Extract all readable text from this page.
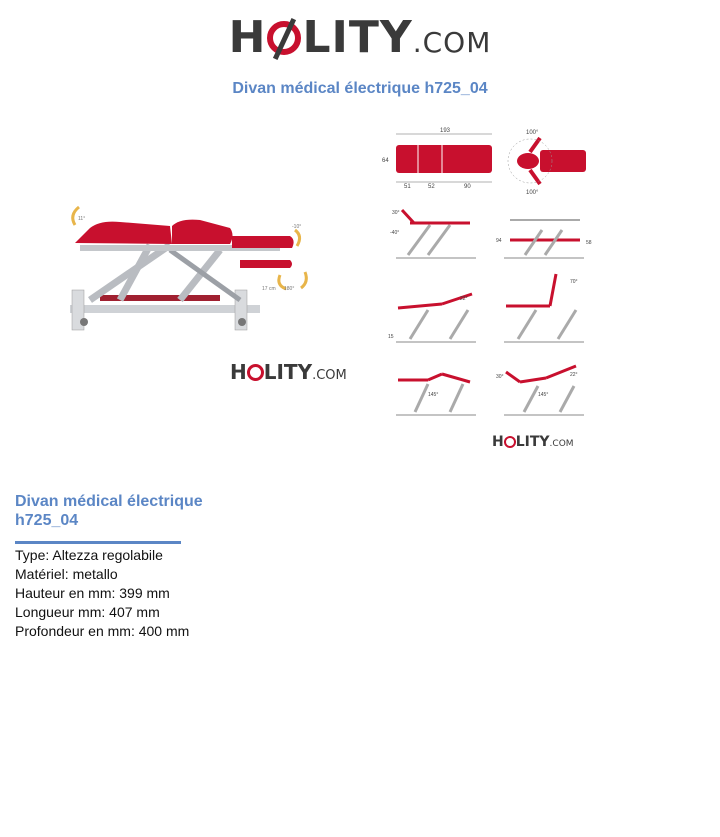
H LITY.COM
Divan médical électrique h725_04
11°
-10°
17 cm 180°
193
64
51	52	90
100°
100°
30°
-40°
94	58
22°
15
70°
145°
30°	22°
145°
H LITY.COM
H LITY.COM
Divan médical électrique h725_04
Type: Altezza regolabile
Matériel: metallo
Hauteur en mm: 399 mm
Longueur mm: 407 mm
Profondeur en mm: 400 mm
